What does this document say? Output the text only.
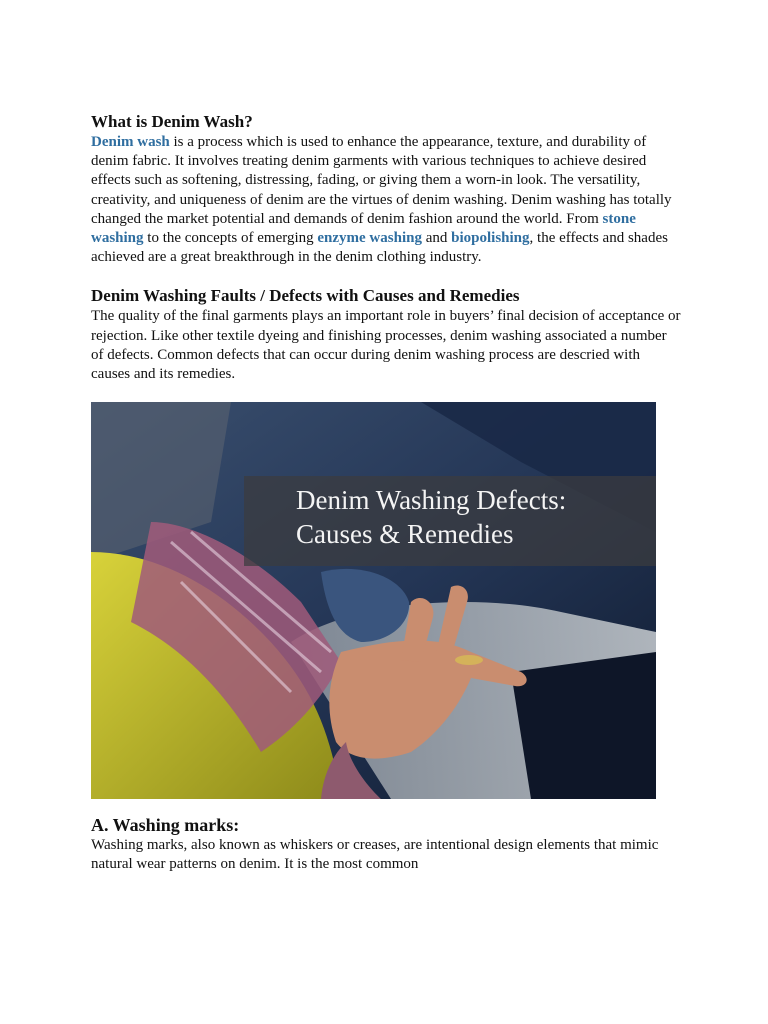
What is Denim Wash?

Denim wash is a process which is used to enhance the appearance, texture, and durability of denim fabric. It involves treating denim garments with various techniques to achieve desired effects such as softening, distressing, fading, or giving them a worn-in look. The versatility, creativity, and uniqueness of denim are the virtues of denim washing. Denim washing has totally changed the market potential and demands of denim fashion around the world. From stone washing to the concepts of emerging enzyme washing and biopolishing, the effects and shades achieved are a great breakthrough in the denim clothing industry.

Denim Washing Faults / Defects with Causes and Remedies

The quality of the final garments plays an important role in buyers’ final decision of acceptance or rejection. Like other textile dyeing and finishing processes, denim washing associated a number of defects. Common defects that can occur during denim washing process are descried with causes and its remedies.

Denim Washing Defects:
Causes & Remedies
A. Washing marks:

Washing marks, also known as whiskers or creases, are intentional design elements that mimic natural wear patterns on denim. It is the most common
